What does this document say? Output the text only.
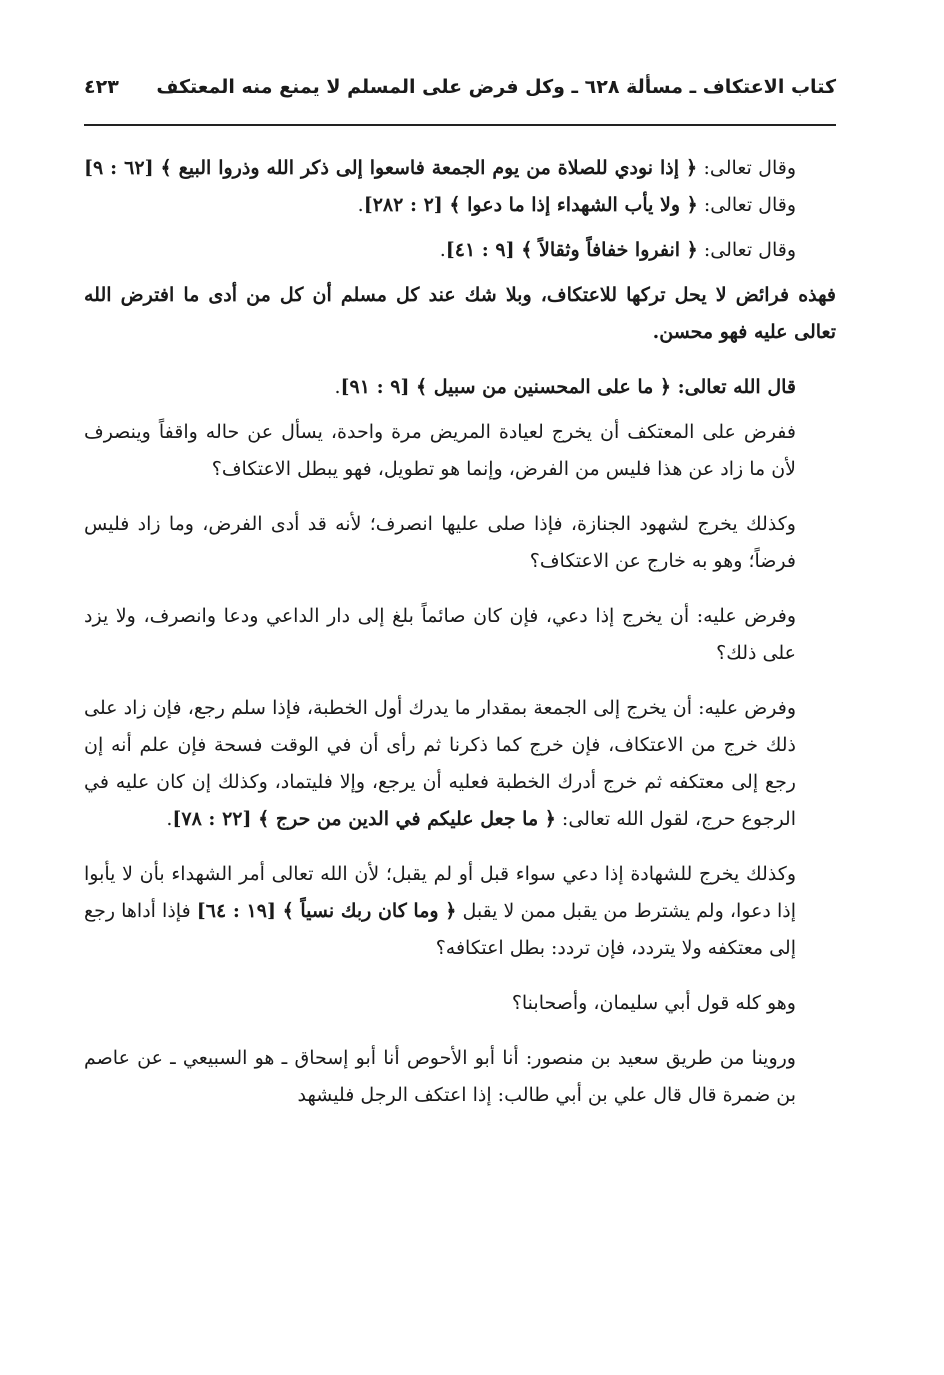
كتاب الاعتكاف ـ مسألة ٦٢٨ ـ وكل فرض على المسلم لا يمنع منه المعتكف
٤٢٣

وقال تعالى: ﴿ إذا نودي للصلاة من يوم الجمعة فاسعوا إلى ذكر الله وذروا البيع ﴾ [٦٢ : ٩] وقال تعالى: ﴿ ولا يأب الشهداء إذا ما دعوا ﴾ [٢ : ٢٨٢].

وقال تعالى: ﴿ انفروا خفافاً وثقالاً ﴾ [٩ : ٤١].

فهذه فرائض لا يحل تركها للاعتكاف، وبلا شك عند كل مسلم أن كل من أدى ما افترض الله تعالى عليه فهو محسن.

قال الله تعالى: ﴿ ما على المحسنين من سبيل ﴾ [٩ : ٩١].

ففرض على المعتكف أن يخرج لعيادة المريض مرة واحدة، يسأل عن حاله واقفاً وينصرف لأن ما زاد عن هذا فليس من الفرض، وإنما هو تطويل، فهو يبطل الاعتكاف؟

وكذلك يخرج لشهود الجنازة، فإذا صلى عليها انصرف؛ لأنه قد أدى الفرض، وما زاد فليس فرضاً؛ وهو به خارج عن الاعتكاف؟

وفرض عليه: أن يخرج إذا دعي، فإن كان صائماً بلغ إلى دار الداعي ودعا وانصرف، ولا يزد على ذلك؟

وفرض عليه: أن يخرج إلى الجمعة بمقدار ما يدرك أول الخطبة، فإذا سلم رجع، فإن زاد على ذلك خرج من الاعتكاف، فإن خرج كما ذكرنا ثم رأى أن في الوقت فسحة فإن علم أنه إن رجع إلى معتكفه ثم خرج أدرك الخطبة فعليه أن يرجع، وإلا فليتماد، وكذلك إن كان عليه في الرجوع حرج، لقول الله تعالى: ﴿ ما جعل عليكم في الدين من حرج ﴾ [٢٢ : ٧٨].

وكذلك يخرج للشهادة إذا دعي سواء قبل أو لم يقبل؛ لأن الله تعالى أمر الشهداء بأن لا يأبوا إذا دعوا، ولم يشترط من يقبل ممن لا يقبل ﴿ وما كان ربك نسياً ﴾ [١٩ : ٦٤] فإذا أداها رجع إلى معتكفه ولا يتردد، فإن تردد: بطل اعتكافه؟

وهو كله قول أبي سليمان، وأصحابنا؟

وروينا من طريق سعيد بن منصور: أنا أبو الأحوص أنا أبو إسحاق ـ هو السبيعي ـ عن عاصم بن ضمرة قال قال علي بن أبي طالب: إذا اعتكف الرجل فليشهد
